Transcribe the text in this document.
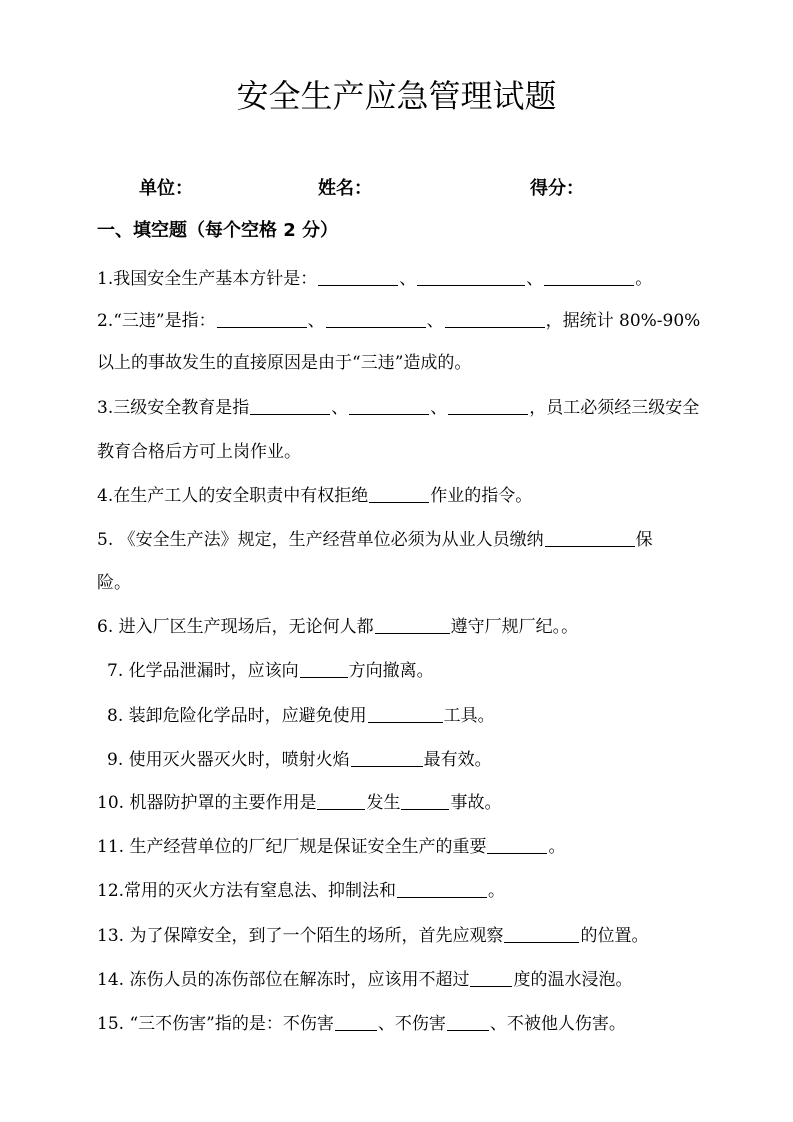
安全生产应急管理试题
单位：	姓名：	得分：
一、填空题（每个空格 2 分）
1.我国安全生产基本方针是：	、	、	。
2.“三违”是指：	、	、	，据统计 80%-90%
以上的事故发生的直接原因是由于“三违”造成的。
3.三级安全教育是指	、	、	，员工必须经三级安全
教育合格后方可上岗作业。
4.在生产工人的安全职责中有权拒绝	作业的指令。
5. 《安全生产法》规定，生产经营单位必须为从业人员缴纳	保
险。
6. 进入厂区生产现场后，无论何人都	遵守厂规厂纪。。
7. 化学品泄漏时，应该向	方向撤离。
8. 装卸危险化学品时，应避免使用	工具。
9. 使用灭火器灭火时，喷射火焰	最有效。
10. 机器防护罩的主要作用是	发生	事故。
11. 生产经营单位的厂纪厂规是保证安全生产的重要	。
12.常用的灭火方法有窒息法、抑制法和	。
13. 为了保障安全，到了一个陌生的场所，首先应观察	的位置。
14. 冻伤人员的冻伤部位在解冻时，应该用不超过	度的温水浸泡。
15. “三不伤害”指的是：不伤害	、不伤害	、不被他人伤害。
